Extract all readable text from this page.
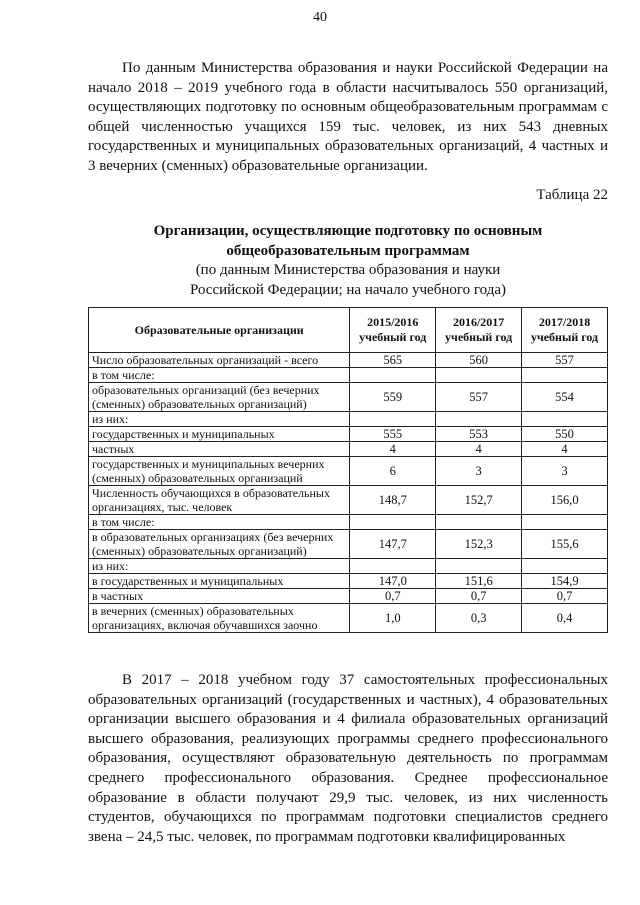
40

По данным Министерства образования и науки Российской Федерации на начало 2018 – 2019 учебного года в области насчитывалось 550 организаций, осуществляющих подготовку по основным общеобразовательным программам с общей численностью учащихся 159 тыс. человек, из них 543 дневных государственных и муниципальных образовательных организаций, 4 частных и 3 вечерних (сменных) образовательные организации.

Таблица 22
Организации, осуществляющие подготовку по основным
общеобразовательным программам
(по данным Министерства образования и науки
Российской Федерации; на начало учебного года)
Образовательные организации	2015/2016 учебный год	2016/2017 учебный год	2017/2018 учебный год
Число образовательных организаций - всего	565	560	557
в том числе:			
образовательных организаций (без вечерних (сменных) образовательных организаций)	559	557	554
из них:			
государственных и муниципальных	555	553	550
частных	4	4	4
государственных и муниципальных вечерних (сменных) образовательных организаций	6	3	3
Численность обучающихся в образовательных организациях, тыс. человек	148,7	152,7	156,0
в том числе:			
в образовательных организациях (без вечерних (сменных) образовательных организаций)	147,7	152,3	155,6
из них:			
в государственных и муниципальных	147,0	151,6	154,9
в частных	0,7	0,7	0,7
в вечерних (сменных) образовательных организациях, включая обучавшихся заочно	1,0	0,3	0,4

В 2017 – 2018 учебном году 37 самостоятельных профессиональных образовательных организаций (государственных и частных), 4 образовательных организации высшего образования и 4 филиала образовательных организаций высшего образования, реализующих программы среднего профессионального образования, осуществляют образовательную деятельность по программам среднего профессионального образования. Среднее профессиональное образование в области получают 29,9 тыс. человек, из них численность студентов, обучающихся по программам подготовки специалистов среднего звена – 24,5 тыс. человек, по программам подготовки квалифицированных
